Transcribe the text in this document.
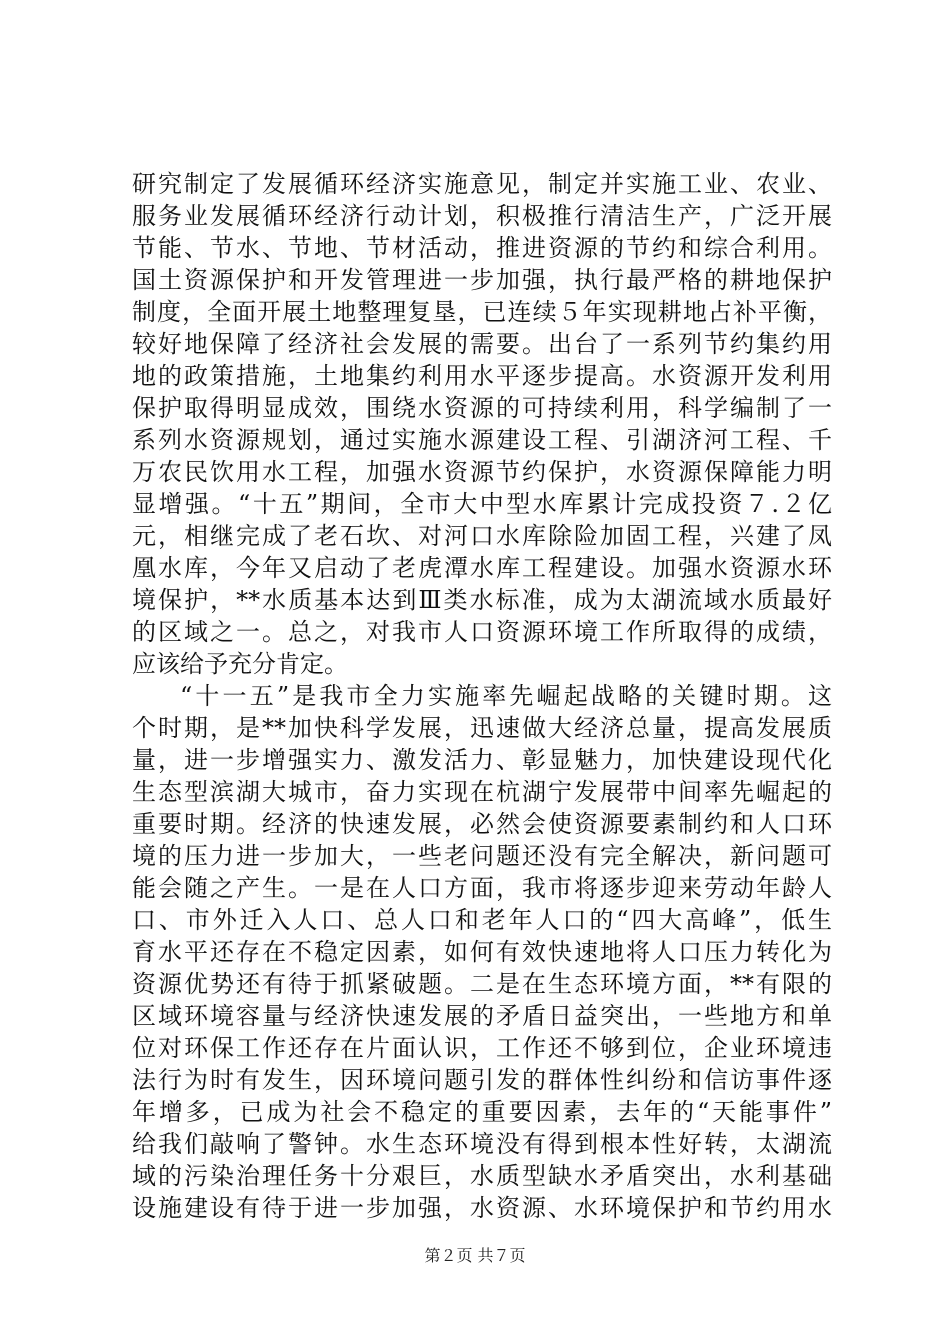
研究制定了发展循环经济实施意见，制定并实施工业、农业、
服务业发展循环经济行动计划，积极推行清洁生产，广泛开展
节能、节水、节地、节材活动，推进资源的节约和综合利用。
国土资源保护和开发管理进一步加强，执行最严格的耕地保护
制度，全面开展土地整理复垦，已连续５年实现耕地占补平衡，
较好地保障了经济社会发展的需要。出台了一系列节约集约用
地的政策措施，土地集约利用水平逐步提高。水资源开发利用
保护取得明显成效，围绕水资源的可持续利用，科学编制了一
系列水资源规划，通过实施水源建设工程、引湖济河工程、千
万农民饮用水工程，加强水资源节约保护，水资源保障能力明
显增强。“十五”期间，全市大中型水库累计完成投资７.２亿
元，相继完成了老石坎、对河口水库除险加固工程，兴建了凤
凰水库，今年又启动了老虎潭水库工程建设。加强水资源水环
境保护，**水质基本达到Ⅲ类水标准，成为太湖流域水质最好
的区域之一。总之，对我市人口资源环境工作所取得的成绩，
应该给予充分肯定。
“十一五”是我市全力实施率先崛起战略的关键时期。这
个时期，是**加快科学发展，迅速做大经济总量，提高发展质
量，进一步增强实力、激发活力、彰显魅力，加快建设现代化
生态型滨湖大城市，奋力实现在杭湖宁发展带中间率先崛起的
重要时期。经济的快速发展，必然会使资源要素制约和人口环
境的压力进一步加大，一些老问题还没有完全解决，新问题可
能会随之产生。一是在人口方面，我市将逐步迎来劳动年龄人
口、市外迁入人口、总人口和老年人口的“四大高峰”，低生
育水平还存在不稳定因素，如何有效快速地将人口压力转化为
资源优势还有待于抓紧破题。二是在生态环境方面，**有限的
区域环境容量与经济快速发展的矛盾日益突出，一些地方和单
位对环保工作还存在片面认识，工作还不够到位，企业环境违
法行为时有发生，因环境问题引发的群体性纠纷和信访事件逐
年增多，已成为社会不稳定的重要因素，去年的“天能事件”
给我们敲响了警钟。水生态环境没有得到根本性好转，太湖流
域的污染治理任务十分艰巨，水质型缺水矛盾突出，水利基础
设施建设有待于进一步加强，水资源、水环境保护和节约用水
第２页 共７页
